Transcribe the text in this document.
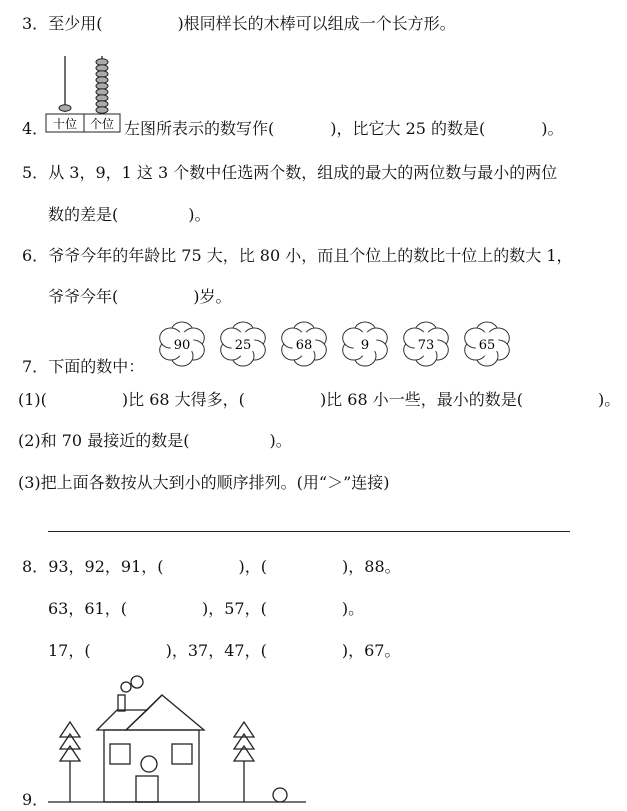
3．至少用(	)根同样长的木棒可以组成一个长方形。
十位 个位
4．	左图所表示的数写作(	)，比它大 25 的数是(	)。
5．从 3，9，1 这 3 个数中任选两个数，组成的最大的两位数与最小的两位
数的差是(	)。
6．爷爷今年的年龄比 75 大，比 80 小，而且个位上的数比十位上的数大 1，
爷爷今年(	)岁。
90	25	68	9	73	65
7．下面的数中：
(1)(	)比 68 大得多，(	)比 68 小一些，最小的数是(	)。
(2)和 70 最接近的数是(	)。
(3)把上面各数按从大到小的顺序排列。(用“＞”连接)
8．93，92，91，(	)，(	)，88。
63，61，(	)，57，(	)。
17，(	)，37，47，(	)，67。
9．
